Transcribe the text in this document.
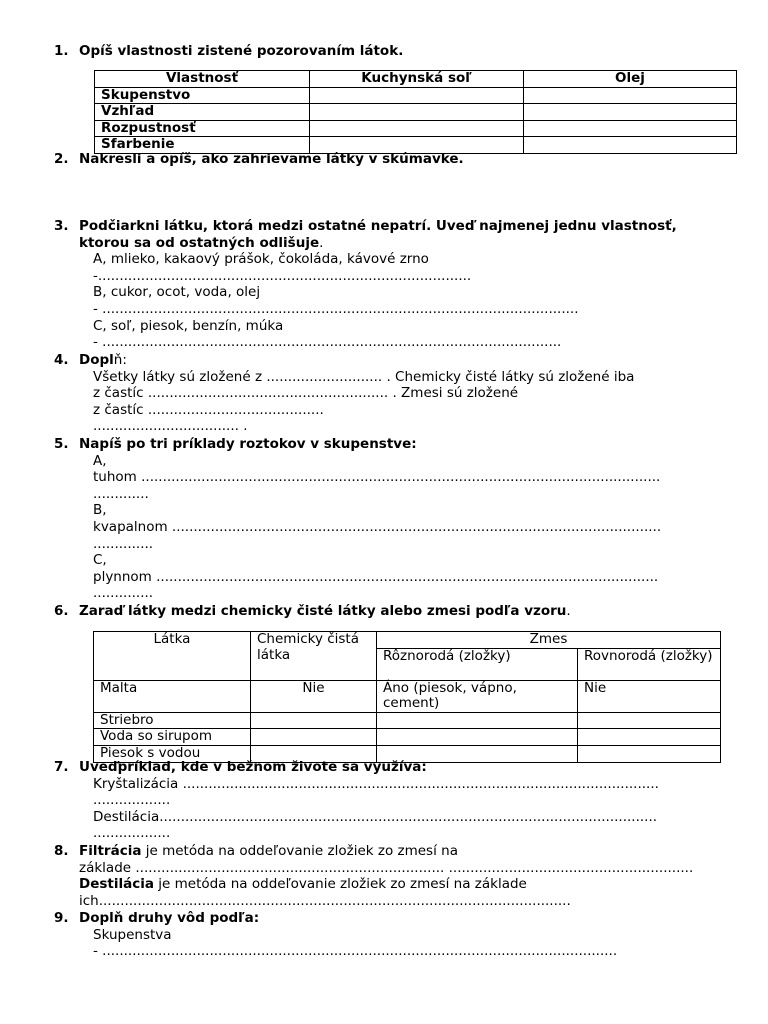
1. Opíš vlastnosti zistené pozorovaním látok.
Vlastnosť	Kuchynská soľ	Olej
Skupenstvo		
Vzhľad		
Rozpustnosť		
Sfarbenie		
2. Nakresli a opíš, ako zahrievame látky v skúmavke.
3. Podčiarkni látku, ktorá medzi ostatné nepatrí. Uveď najmenej jednu vlastnosť,
ktorou sa od ostatných odlišuje.
A, mlieko, kakaový prášok, čokoláda, kávové zrno
-.......................................................................................
B, cukor, ocot, voda, olej
- ...............................................................................................................
C, soľ, piesok, benzín, múka
- ...........................................................................................................
4. Doplň:
Všetky látky sú zložené z ........................... . Chemicky čisté látky sú zložené iba
z častíc ........................................................ . Zmesi sú zložené
z častíc .........................................
.................................. .
5. Napíš po tri príklady roztokov v skupenstve:
A,
tuhom .........................................................................................................................
.............
B,
kvapalnom ..................................................................................................................
..............
C,
plynnom .....................................................................................................................
..............
6. Zaraď látky medzi chemicky čisté látky alebo zmesi podľa vzoru.
Látka	Chemicky čistá látka	Zmes	
		Rôznorodá (zložky)	Rovnorodá (zložky)
Malta	Nie	Áno (piesok, vápno, cement)	Nie
Striebro			
Voda so sirupom			
Piesok s vodou			
7. Uveďpríklad, kde v bežnom živote sa využíva:
Kryštalizácia ...............................................................................................................
..................
Destilácia....................................................................................................................
..................
8. Filtrácia je metóda na oddeľovanie zložiek zo zmesí na
základe ........................................................................ .........................................................
Destilácia je metóda na oddeľovanie zložiek zo zmesí na základe
ich..............................................................................................................
9. Doplň druhy vôd podľa:
Skupenstva
- ........................................................................................................................
